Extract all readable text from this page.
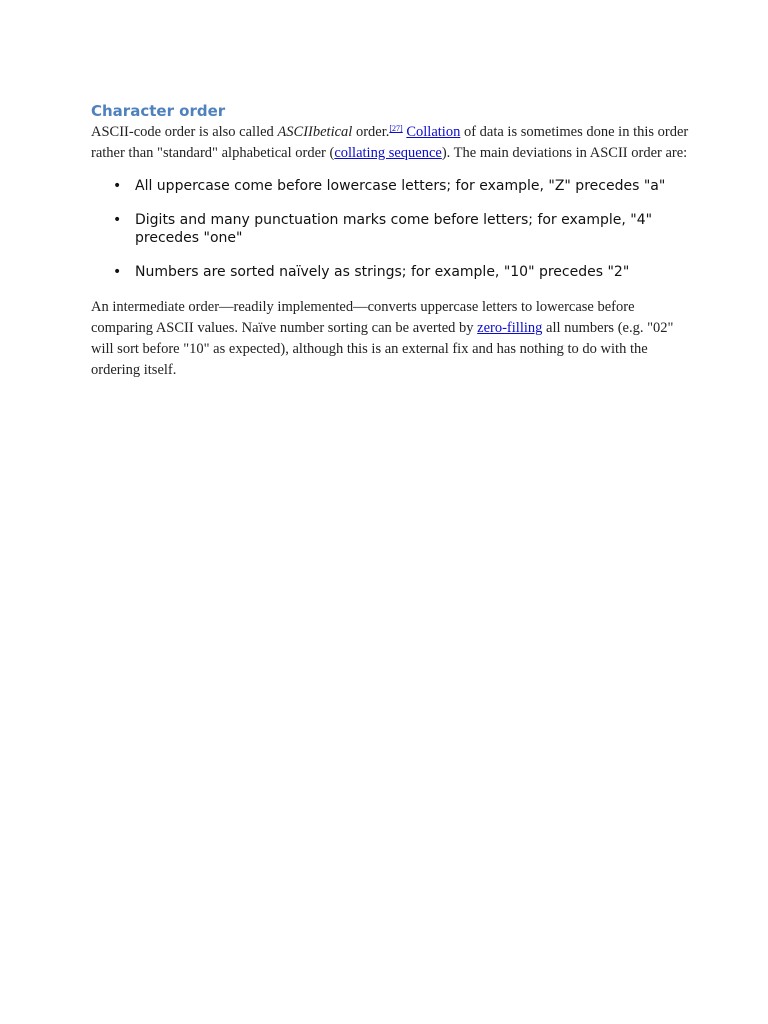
Character order

ASCII-code order is also called ASCIIbetical order.[27] Collation of data is sometimes done in this order rather than "standard" alphabetical order (collating sequence). The main deviations in ASCII order are:

• All uppercase come before lowercase letters; for example, "Z" precedes "a"
• Digits and many punctuation marks come before letters; for example, "4" precedes "one"
• Numbers are sorted naïvely as strings; for example, "10" precedes "2"

An intermediate order—readily implemented—converts uppercase letters to lowercase before comparing ASCII values. Naïve number sorting can be averted by zero-filling all numbers (e.g. "02" will sort before "10" as expected), although this is an external fix and has nothing to do with the ordering itself.
